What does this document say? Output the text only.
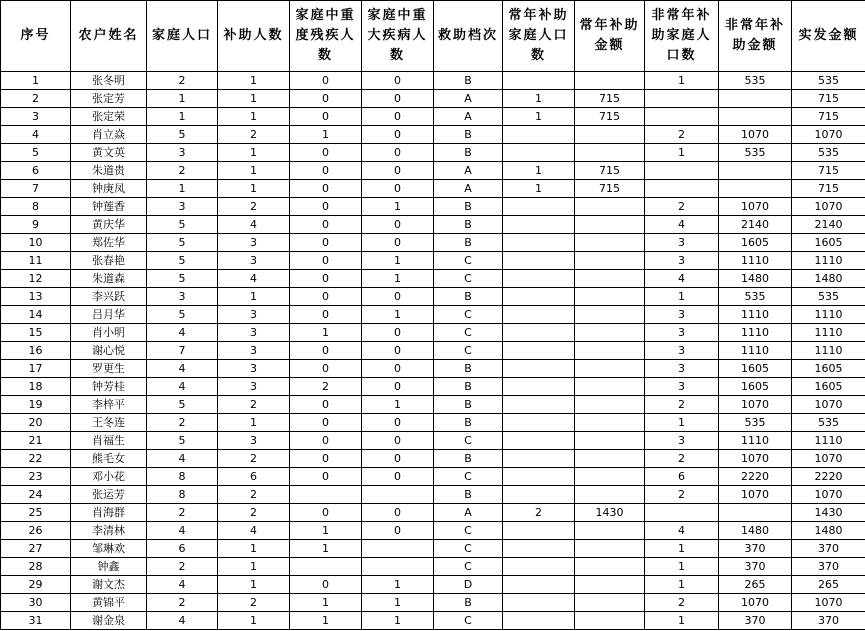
序号	农户姓名	家庭人口	补助人数	家庭中重度残疾人数	家庭中重大疾病人数	救助档次	常年补助家庭人口数	常年补助金额	非常年补助家庭人口数	非常年补助金额	实发金额
1	张冬明	2	1	0	0	B			1	535	535
2	张定芳	1	1	0	0	A	1	715			715
3	张定荣	1	1	0	0	A	1	715			715
4	肖立焱	5	2	1	0	B			2	1070	1070
5	黄文英	3	1	0	0	B			1	535	535
6	朱道贵	2	1	0	0	A	1	715			715
7	钟庚凤	1	1	0	0	A	1	715			715
8	钟莲香	3	2	0	1	B			2	1070	1070
9	黄庆华	5	4	0	0	B			4	2140	2140
10	郑佐华	5	3	0	0	B			3	1605	1605
11	张春艳	5	3	0	1	C			3	1110	1110
12	朱道森	5	4	0	1	C			4	1480	1480
13	李兴跃	3	1	0	0	B			1	535	535
14	吕月华	5	3	0	1	C			3	1110	1110
15	肖小明	4	3	1	0	C			3	1110	1110
16	谢心悦	7	3	0	0	C			3	1110	1110
17	罗更生	4	3	0	0	B			3	1605	1605
18	钟芳桂	4	3	2	0	B			3	1605	1605
19	李梓平	5	2	0	1	B			2	1070	1070
20	王冬连	2	1	0	0	B			1	535	535
21	肖福生	5	3	0	0	C			3	1110	1110
22	熊毛女	4	2	0	0	B			2	1070	1070
23	邓小花	8	6	0	0	C			6	2220	2220
24	张运芳	8	2			B			2	1070	1070
25	肖海群	2	2	0	0	A	2	1430			1430
26	李清林	4	4	1	0	C			4	1480	1480
27	邹琳欢	6	1	1		C			1	370	370
28	钟鑫	2	1			C			1	370	370
29	谢文杰	4	1	0	1	D			1	265	265
30	黄锦平	2	2	1	1	B			2	1070	1070
31	谢金泉	4	1	1	1	C			1	370	370
